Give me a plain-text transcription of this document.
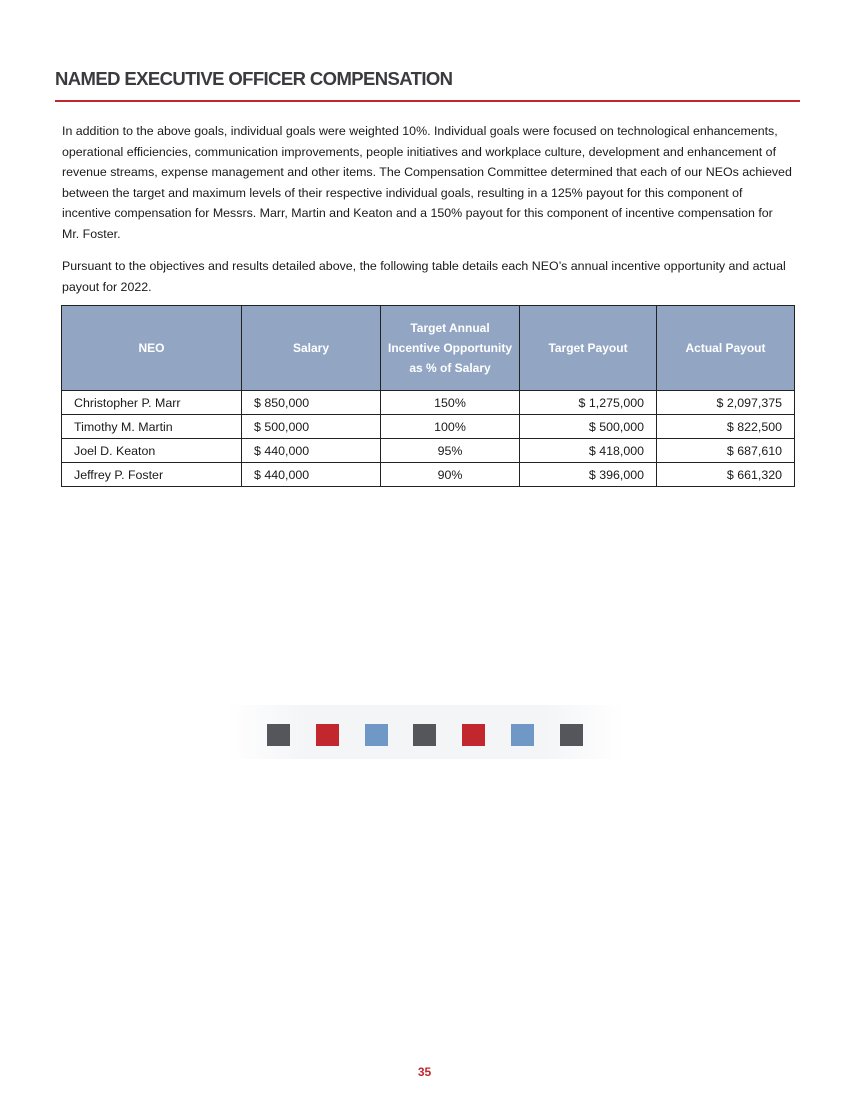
NAMED EXECUTIVE OFFICER COMPENSATION

In addition to the above goals, individual goals were weighted 10%. Individual goals were focused on technological enhancements, operational efficiencies, communication improvements, people initiatives and workplace culture, development and enhancement of revenue streams, expense management and other items. The Compensation Committee determined that each of our NEOs achieved between the target and maximum levels of their respective individual goals, resulting in a 125% payout for this component of incentive compensation for Messrs. Marr, Martin and Keaton and a 150% payout for this component of incentive compensation for Mr. Foster.

Pursuant to the objectives and results detailed above, the following table details each NEO’s annual incentive opportunity and actual payout for 2022.

NEO	Salary	Target Annual Incentive Opportunity as % of Salary	Target Payout	Actual Payout
Christopher P. Marr	$ 850,000	150%	$ 1,275,000	$ 2,097,375
Timothy M. Martin	$ 500,000	100%	$ 500,000	$ 822,500
Joel D. Keaton	$ 440,000	95%	$ 418,000	$ 687,610
Jeffrey P. Foster	$ 440,000	90%	$ 396,000	$ 661,320
35
